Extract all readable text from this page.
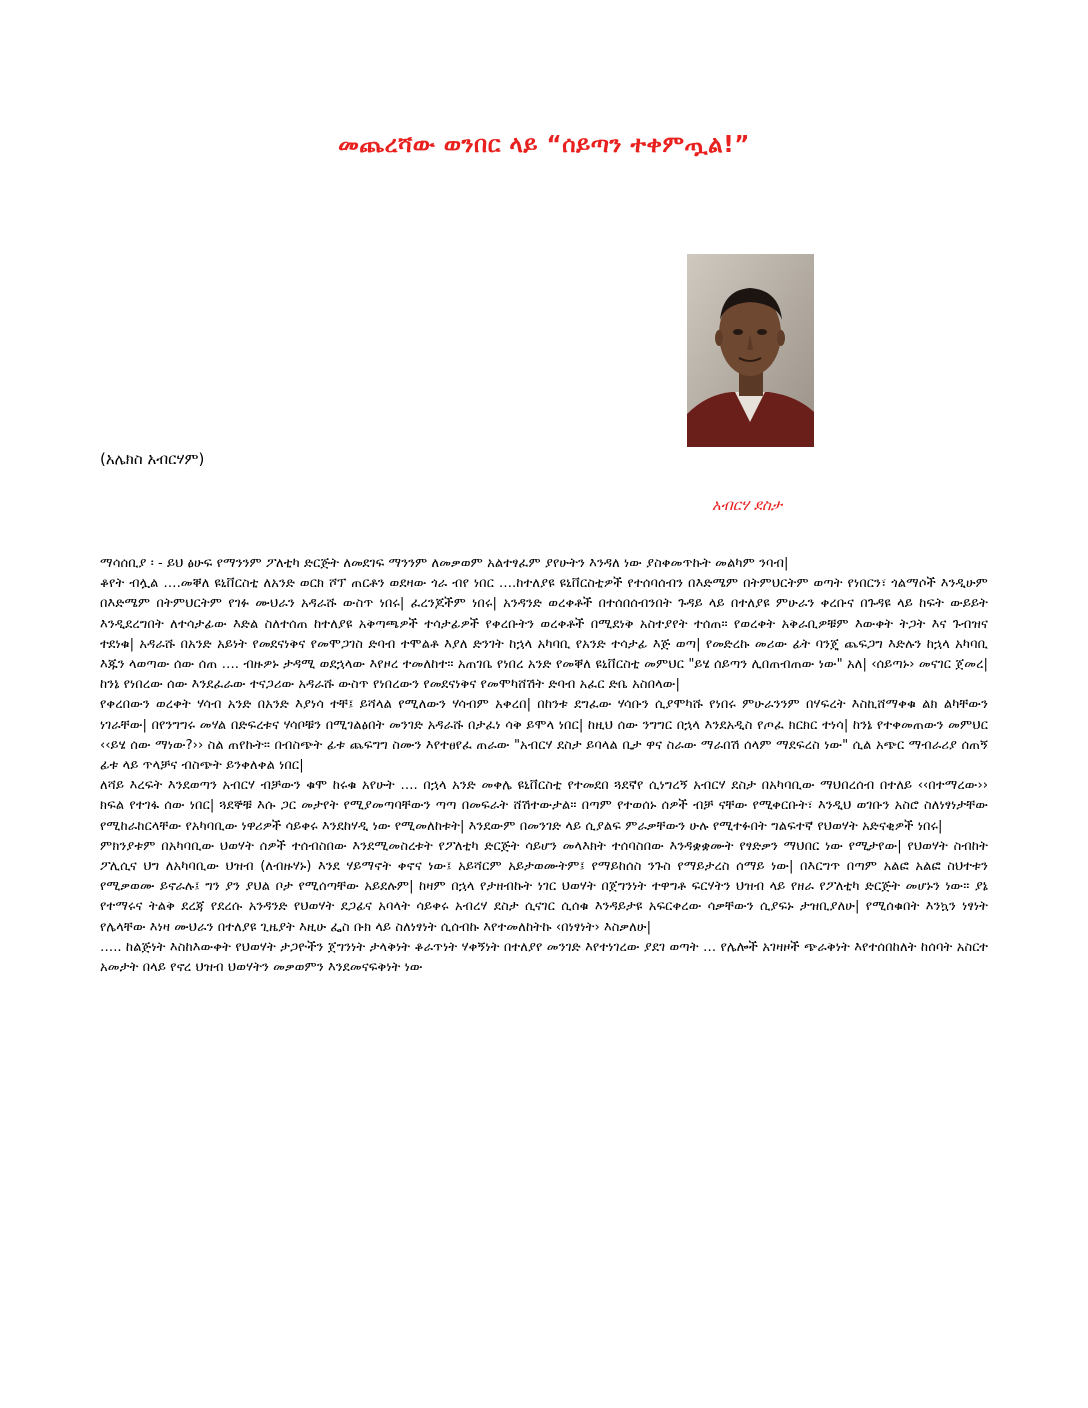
መጨረሻው ወንበር ላይ “ሰይጣን ተቀምጧል!”
(አሌክስ አብርሃም)
አብርሃ ደስታ

ማሳሰቢያ ፡ - ይህ ፅሁፍ የማንንም ፖለቲካ ድርጅት ለመደገፍ ማንንም ለመቃወም አልተፃፈም ያየሁትን እንዳለ ነው ያስቀመጥኩት መልካም ንባብ|

ቆየት ብሏል ….መቐለ ዩኒቨርስቲ ለአንድ ወርክ ሾፕ ጠርቶን ወደዛው ጎራ ብየ ነበር ….ከተለያዩ ዩኒቨርስቲዎች የተሰባሰብን በእድሜም በትምህርትም ወጣት የነበርን፣ ጎልማሶች እንዲሁም በእድሜም በትምህርትም የገፉ ሙህራን አዳራሹ ውስጥ ነበሩ| ፈረንጆችም ነበሩ| አንዳንድ ወረቀቶች በተሰበሰብንበት ጉዳይ ላይ በተለያዩ ምሁራን ቀረቡና በጉዳዩ ላይ ከፍት ውይይት እንዲደረግበት ለተሳታፊው እድል ስለተሰጠ ከተለያዩ አቅጣጫዎች ተሳታፊዎች የቀረቡትን ወረቀቶች በሚደነቅ አስተያየት ተሰጠ። የወረቀት አቅራቢዎቹም እውቀት ትጋት እና ጉብዝና ተደነቁ| አዳራሹ በአንድ አይነት የመደናነቅና የመሞጋገስ ድባብ ተሞልቶ እያለ ድንገት ከኋላ አካባቢ የአንድ ተሳታፊ እጅ ወጣ| የመድረኩ መሪው ፊት ባንጄ ጨፍጋግ እድሉን ከኋላ አካባቢ እጁን ላወጣው ሰው ሰጠ …. ብዙዎኑ ታዳሚ ወደኋላው እየዞረ ተመለከተ። አጠገቤ የነበረ አንድ የመቐለ ዩኒቨርስቲ መምህር "ይሄ ሰይጣን ሊበጠብጠው ነው" አለ| ‹ሰይጣኑ› መናገር ጀመረ| ከንኔ የነበረው ሰው እንደፈራው ተናጋሪው አዳራሹ ውስጥ የነበረውን የመደናነቅና የመሞካሸሽት ድባብ አፈር ድቤ አስበላው|

የቀረበውን ወረቀት ሃሳብ አንድ በአንድ እያነሳ ተቸ፤ ይሻላል የሚለውን ሃሳብም አቀረበ| በከንቱ ደግፈው ሃሳቡን ሲያሞካሹ የነበሩ ምሁራንንም በሃፍረት እስኪሸማቀቁ ልክ ልካቸውን ነገራቸው| በየንግግሩ መሃል በድፍረቱና ሃሳቦቹን በሚገልፅበት መንገድ አዳራሹ በታፈነ ሳቅ ይሞላ ነበር| ከዚህ ሰው ንግግር በኋላ እንደአዲስ የጦፈ ክርክር ተነሳ| ከንኔ የተቀመጠውን መምህር ‹‹ይሄ ሰው ማነው?›› ስል ጠየኩት። በብስጭት ፊቱ ጨፍግግ ስሙን እየተፀየፈ ጠራው "አብርሃ ደስታ ይባላል ቢታ ዋና ስራው ማራበሽ ሰላም ማደፍረስ ነው" ሲል አጭር ማብራሪያ ሰጠኝ ፊቱ ላይ ጥላቻና ብስጭት ይንቀለቀል ነበር|

ለሻይ እረፍት እንደወጣን አብርሃ ብቻውን ቁሞ ከሩቁ አየሁት …. በኋላ አንድ መቀሌ ዩኒቨርስቲ የተመደበ ጓደኛየ ሲነግረኝ አብርሃ ደስታ በአካባቢው ማህበረሰብ በተለይ ‹‹በተማረው›› ክፍል የተገፋ ሰው ነበር| ጓደኞቹ እሱ ጋር መታየት የሚያመጣባቸውን ጣጣ በመፍራት ሸሽተውታል። በጣም የተወሰኑ ሰዎች ብቻ ናቸው የሚቀርቡት፣ እንዲህ ወገቡን አስሮ ስለነፃነታቸው የሚከራከርላቸው የአካባቢው ነዋሪዎች ሳይቀሩ እንደከሃዲ ነው የሚመለከቱት| እንደውም በመንገድ ላይ ሲያልፍ ምራቃቸውን ሁሉ የሚተፉበት ግልፍተኛ የህወሃት አድናቂዎች ነበሩ|

ምክንያቱም በአካባቢው ህወሃት ሰዎች ተሰብስበው እንደሚመስረቱት የፖለቲካ ድርጅት ሳይሆን መላእክት ተሰባስበው እንዳቋቋሙት የፃድቃን ማህበር ነው የሚታየው| የህወሃት ስብከት ፖሊሲና ህግ ለአካባቢው ህዝብ (ለብዙሃኑ) እንደ ሃይማኖት ቀኖና ነው፤ አይሻርም አይታወሙትም፤ የማይከሰስ ንጉስ የማይታረስ ሰማይ ነው| በእርግጥ በጣም አልፎ አልፎ ስህተቱን የሚቃወሙ ይኖራሉ፤ ግን ያን ያህል ቦታ የሚሰጣቸው አይደሉም| ከዛም በኋላ የታዘብኩት ነገር ህወሃት በጀግንነት ተዋግቶ ፍርሃትን ህዝብ ላይ የዘራ የፖለቲካ ድርጅት መሆኑን ነው። ያኔ የተማሩና ትልቅ ደረጃ የደረሱ አንዳንድ የህወሃት ደጋፊና አባላት ሳይቀሩ አብረሃ ደስታ ሲናገር ሲሰቁ እንዳይታዩ አፍርቀረው ሳቃቸውን ሲያፍኑ ታዝቢያለሁ| የሚሰቁበት እንኳን ነፃነት የሌላቸው እነዛ ሙህራን በተለያዩ ጊዜያት እዚሁ ፌስ ቡክ ላይ ስለነፃነት ሲሰብኩ እየተመለከትኩ ‹በነፃነት› እስቃለሁ|

….. ከልጅነት እስከእውቀት የህወሃት ታጋዮችን ጀግንነት ታላቅነት ቆራጥነት ሃቀኝነት በተለያየ መንገድ እየተነገረው ያደገ ወጣት … የሌሎች አገዛዞች ጭራቅነት እየተሰበከለት ከሰባት አስርተ አመታት በላይ የኖረ ህዝብ ህወሃትን መቃወምን እንደመናፍቅነት ነው
